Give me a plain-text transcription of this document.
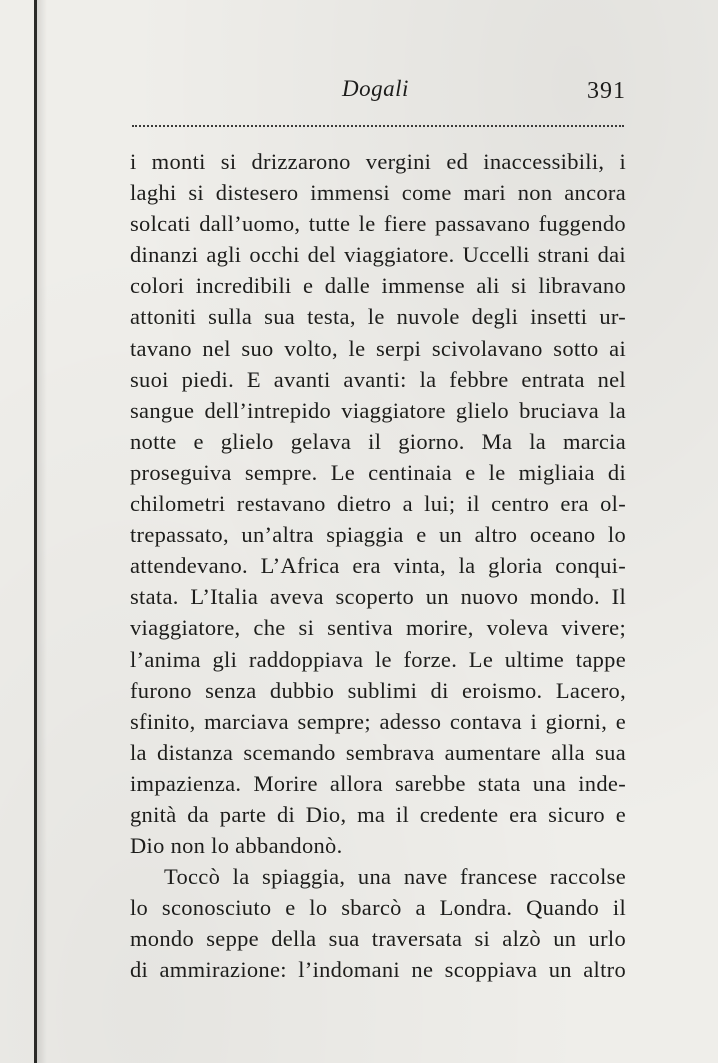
Dogali	391
i monti si drizzarono vergini ed inaccessibili, i
laghi si distesero immensi come mari non ancora
solcati dall’uomo, tutte le fiere passavano fuggendo
dinanzi agli occhi del viaggiatore. Uccelli strani dai
colori incredibili e dalle immense ali si libravano
attoniti sulla sua testa, le nuvole degli insetti ur-
tavano nel suo volto, le serpi scivolavano sotto ai
suoi piedi. E avanti avanti: la febbre entrata nel
sangue dell’intrepido viaggiatore glielo bruciava la
notte e glielo gelava il giorno. Ma la marcia
proseguiva sempre. Le centinaia e le migliaia di
chilometri restavano dietro a lui; il centro era ol-
trepassato, un’altra spiaggia e un altro oceano lo
attendevano. L’Africa era vinta, la gloria conqui-
stata. L’Italia aveva scoperto un nuovo mondo. Il
viaggiatore, che si sentiva morire, voleva vivere;
l’anima gli raddoppiava le forze. Le ultime tappe
furono senza dubbio sublimi di eroismo. Lacero,
sfinito, marciava sempre; adesso contava i giorni, e
la distanza scemando sembrava aumentare alla sua
impazienza. Morire allora sarebbe stata una inde-
gnità da parte di Dio, ma il credente era sicuro e
Dio non lo abbandonò.
Toccò la spiaggia, una nave francese raccolse
lo sconosciuto e lo sbarcò a Londra. Quando il
mondo seppe della sua traversata si alzò un urlo
di ammirazione: l’indomani ne scoppiava un altro
